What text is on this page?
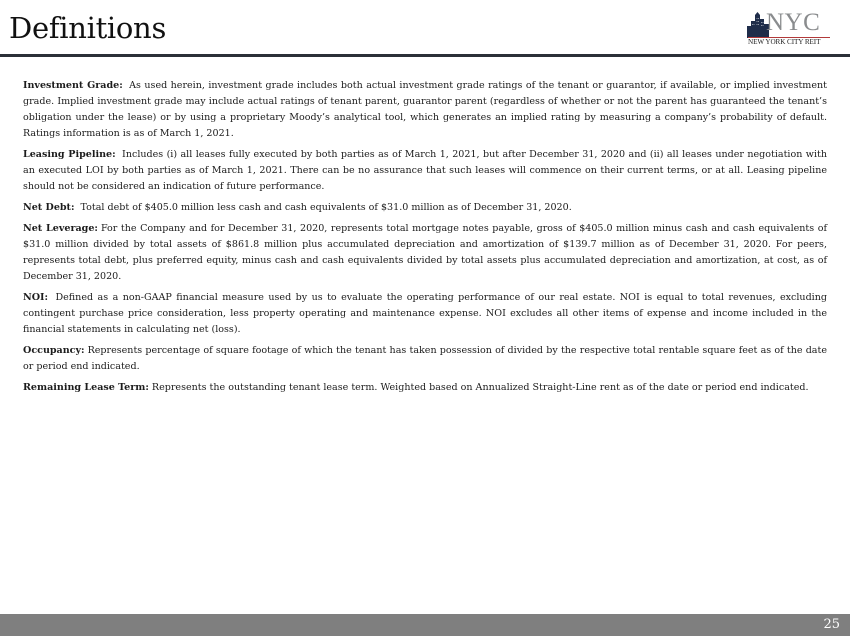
Definitions	NYC
NEW YORK CITY REIT

Investment Grade: As used herein, investment grade includes both actual investment grade ratings of the tenant or guarantor, if available, or implied investment grade. Implied investment grade may include actual ratings of tenant parent, guarantor parent (regardless of whether or not the parent has guaranteed the tenant’s obligation under the lease) or by using a proprietary Moody’s analytical tool, which generates an implied rating by measuring a company’s probability of default. Ratings information is as of March 1, 2021.

Leasing Pipeline: Includes (i) all leases fully executed by both parties as of March 1, 2021, but after December 31, 2020 and (ii) all leases under negotiation with an executed LOI by both parties as of March 1, 2021. There can be no assurance that such leases will commence on their current terms, or at all. Leasing pipeline should not be considered an indication of future performance.

Net Debt: Total debt of $405.0 million less cash and cash equivalents of $31.0 million as of December 31, 2020.

Net Leverage: For the Company and for December 31, 2020, represents total mortgage notes payable, gross of $405.0 million minus cash and cash equivalents of $31.0 million divided by total assets of $861.8 million plus accumulated depreciation and amortization of $139.7 million as of December 31, 2020. For peers, represents total debt, plus preferred equity, minus cash and cash equivalents divided by total assets plus accumulated depreciation and amortization, at cost, as of December 31, 2020.

NOI: Defined as a non-GAAP financial measure used by us to evaluate the operating performance of our real estate. NOI is equal to total revenues, excluding contingent purchase price consideration, less property operating and maintenance expense. NOI excludes all other items of expense and income included in the financial statements in calculating net (loss).

Occupancy: Represents percentage of square footage of which the tenant has taken possession of divided by the respective total rentable square feet as of the date or period end indicated.

Remaining Lease Term: Represents the outstanding tenant lease term. Weighted based on Annualized Straight-Line rent as of the date or period end indicated.

25
